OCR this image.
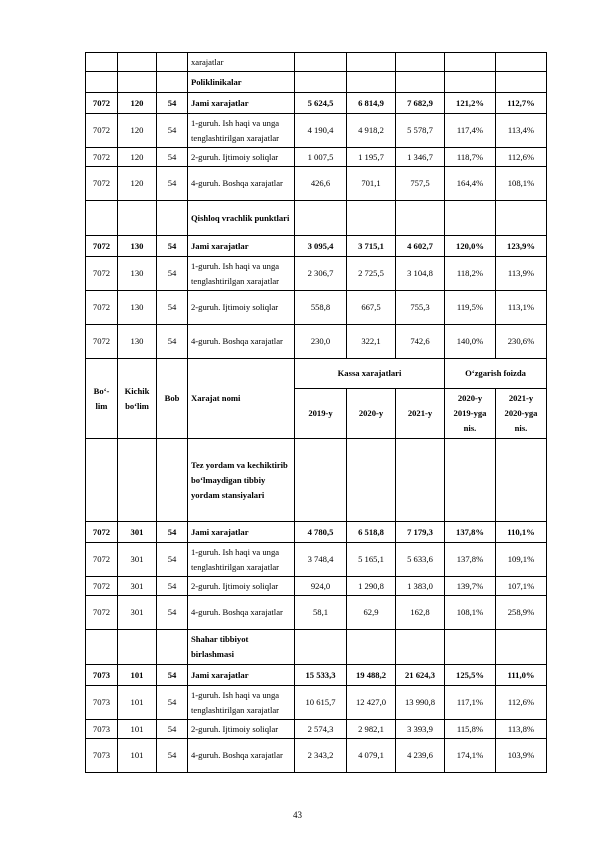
			xarajatlar					
			Poliklinikalar					
7072	120	54	Jami xarajatlar	5 624,5	6 814,9	7 682,9	121,2%	112,7%
7072	120	54	1-guruh. Ish haqi va unga tenglashtirilgan xarajatlar	4 190,4	4 918,2	5 578,7	117,4%	113,4%
7072	120	54	2-guruh. Ijtimoiy soliqlar	1 007,5	1 195,7	1 346,7	118,7%	112,6%
7072	120	54	4-guruh. Boshqa xarajatlar	426,6	701,1	757,5	164,4%	108,1%
			Qishloq vrachlik punktlari					
7072	130	54	Jami xarajatlar	3 095,4	3 715,1	4 602,7	120,0%	123,9%
7072	130	54	1-guruh. Ish haqi va unga tenglashtirilgan xarajatlar	2 306,7	2 725,5	3 104,8	118,2%	113,9%
7072	130	54	2-guruh. Ijtimoiy soliqlar	558,8	667,5	755,3	119,5%	113,1%
7072	130	54	4-guruh. Boshqa xarajatlar	230,0	322,1	742,6	140,0%	230,6%
Bo‘-lim	Kichik bo‘lim	Bob	Xarajat nomi	Kassa xarajatlari			O‘zgarish foizda	
				2019-y	2020-y	2021-y	2020-y 2019-yga nis.	2021-y 2020-yga nis.
			Tez yordam va kechiktirib bo‘lmaydigan tibbiy yordam stansiyalari					
7072	301	54	Jami xarajatlar	4 780,5	6 518,8	7 179,3	137,8%	110,1%
7072	301	54	1-guruh. Ish haqi va unga tenglashtirilgan xarajatlar	3 748,4	5 165,1	5 633,6	137,8%	109,1%
7072	301	54	2-guruh. Ijtimoiy soliqlar	924,0	1 290,8	1 383,0	139,7%	107,1%
7072	301	54	4-guruh. Boshqa xarajatlar	58,1	62,9	162,8	108,1%	258,9%
			Shahar tibbiyot birlashmasi					
7073	101	54	Jami xarajatlar	15 533,3	19 488,2	21 624,3	125,5%	111,0%
7073	101	54	1-guruh. Ish haqi va unga tenglashtirilgan xarajatlar	10 615,7	12 427,0	13 990,8	117,1%	112,6%
7073	101	54	2-guruh. Ijtimoiy soliqlar	2 574,3	2 982,1	3 393,9	115,8%	113,8%
7073	101	54	4-guruh. Boshqa xarajatlar	2 343,2	4 079,1	4 239,6	174,1%	103,9%
43
